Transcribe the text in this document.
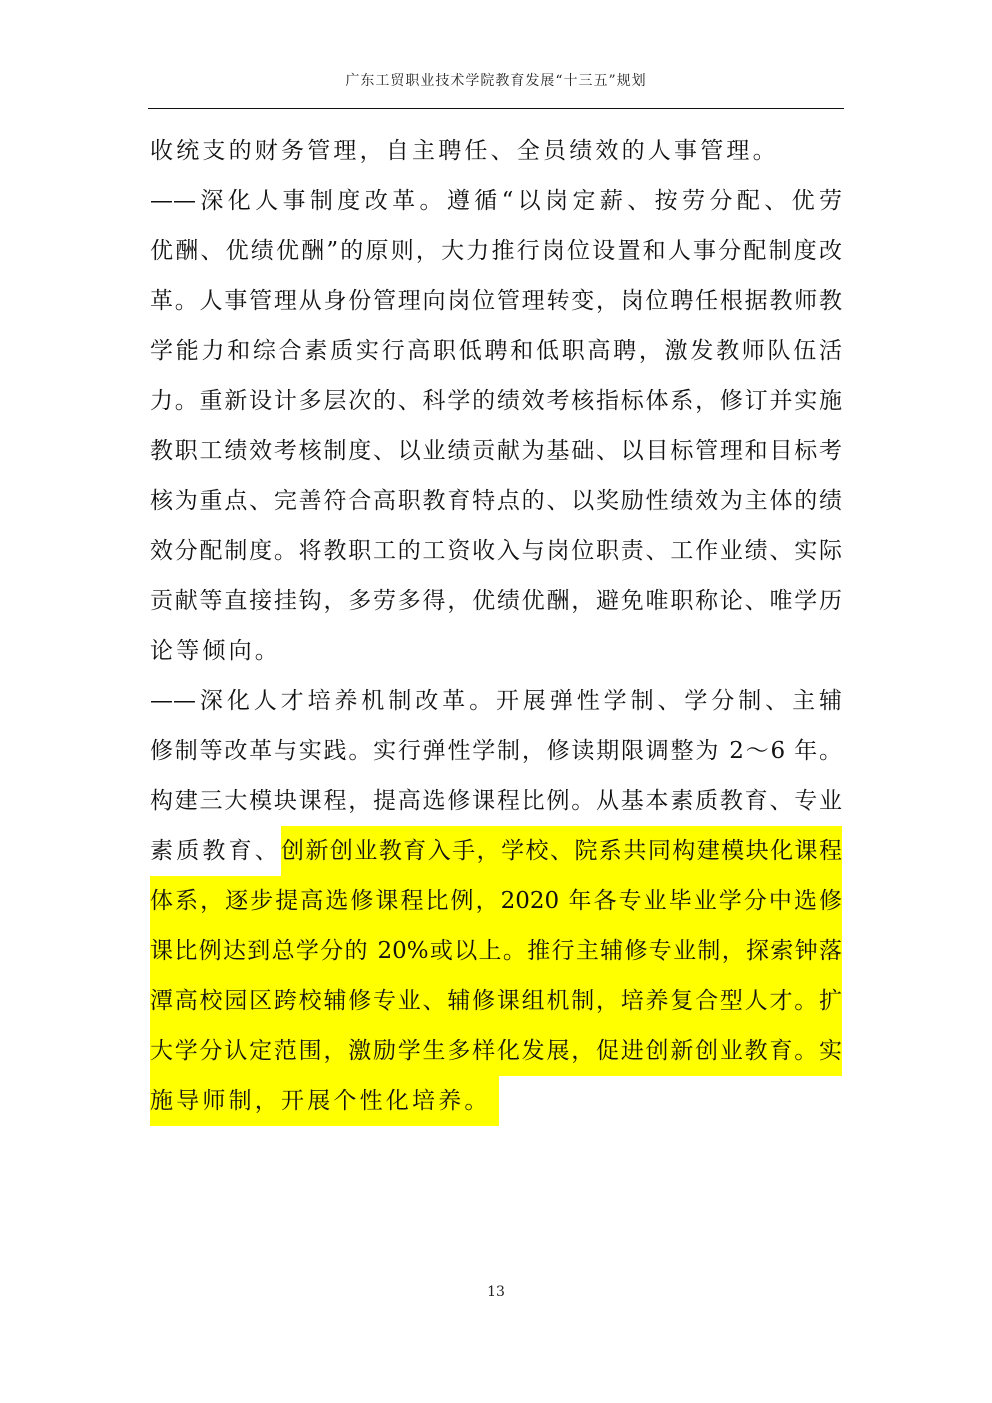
广东工贸职业技术学院教育发展“十三五”规划
收统支的财务管理，自主聘任、全员绩效的人事管理。
——深化人事制度改革。遵循“以岗定薪、按劳分配、优劳
优酬、优绩优酬”的原则，大力推行岗位设置和人事分配制度改
革。人事管理从身份管理向岗位管理转变，岗位聘任根据教师教
学能力和综合素质实行高职低聘和低职高聘，激发教师队伍活
力。重新设计多层次的、科学的绩效考核指标体系，修订并实施
教职工绩效考核制度、以业绩贡献为基础、以目标管理和目标考
核为重点、完善符合高职教育特点的、以奖励性绩效为主体的绩
效分配制度。将教职工的工资收入与岗位职责、工作业绩、实际
贡献等直接挂钩，多劳多得，优绩优酬，避免唯职称论、唯学历
论等倾向。
——深化人才培养机制改革。开展弹性学制、学分制、主辅
修制等改革与实践。实行弹性学制，修读期限调整为 2～6 年。
构建三大模块课程，提高选修课程比例。从基本素质教育、专业
素质教育、 创新创业教育入手，学校、院系共同构建模块化课程
体系，逐步提高选修课程比例，2020 年各专业毕业学分中选修
课比例达到总学分的 20%或以上。推行主辅修专业制，探索钟落
潭高校园区跨校辅修专业、辅修课组机制，培养复合型人才。扩
大学分认定范围，激励学生多样化发展，促进创新创业教育。实
施导师制，开展个性化培养。
13
